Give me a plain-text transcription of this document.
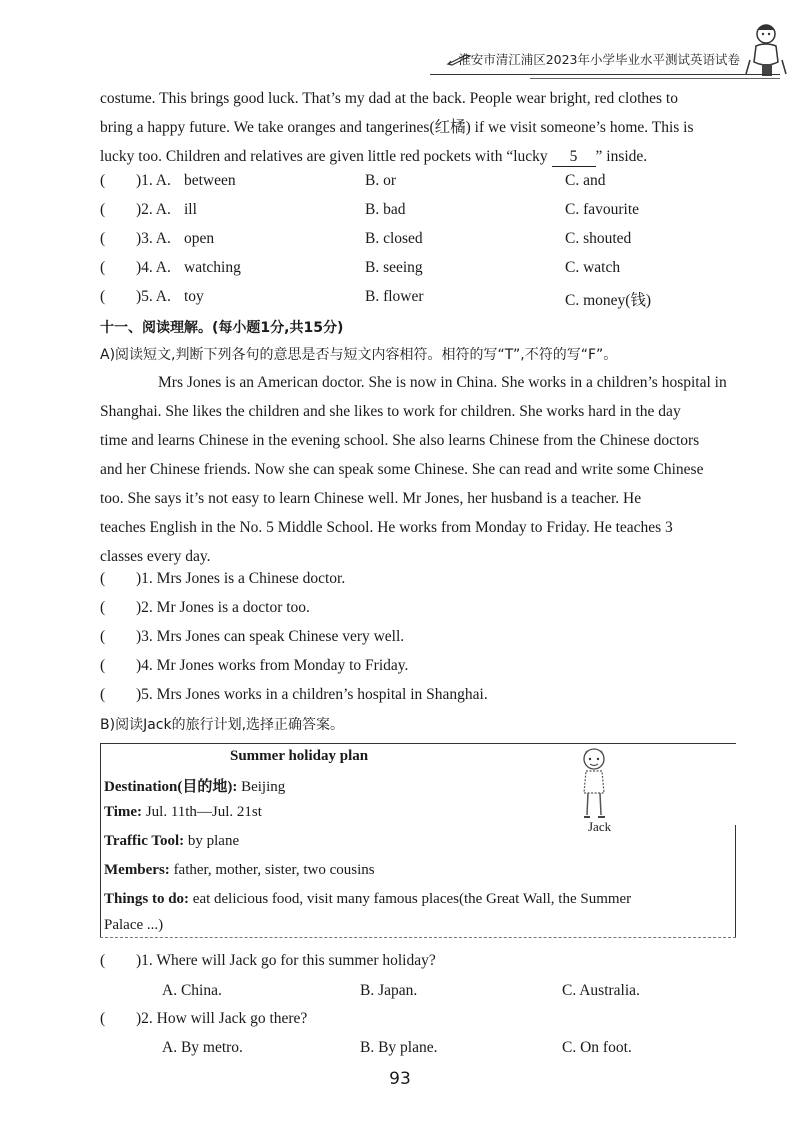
淮安市清江浦区2023年小学毕业水平测试英语试卷

costume. This brings good luck. That’s my dad at the back. People wear bright, red clothes to

bring a happy future. We take oranges and tangerines(红橘) if we visit someone’s home. This is

lucky too. Children and relatives are given little red pockets with “lucky 5 ” inside.

( )1. A. between	B. or	C. and
( )2. A. ill	B. bad	C. favourite
( )3. A. open	B. closed	C. shouted
( )4. A. watching	B. seeing	C. watch
( )5. A. toy	B. flower	C. money(钱)
十一、阅读理解。(每小题1分,共15分)
A)阅读短文,判断下列各句的意思是否与短文内容相符。相符的写“T”,不符的写“F”。

Mrs Jones is an American doctor. She is now in China. She works in a children’s hospital in

Shanghai. She likes the children and she likes to work for children. She works hard in the day

time and learns Chinese in the evening school. She also learns Chinese from the Chinese doctors

and her Chinese friends. Now she can speak some Chinese. She can read and write some Chinese

too. She says it’s not easy to learn Chinese well. Mr Jones, her husband is a teacher. He

teaches English in the No. 5 Middle School. He works from Monday to Friday. He teaches 3

classes every day.

( )1. Mrs Jones is a Chinese doctor.
( )2. Mr Jones is a doctor too.
( )3. Mrs Jones can speak Chinese very well.
( )4. Mr Jones works from Monday to Friday.
( )5. Mrs Jones works in a children’s hospital in Shanghai.
B)阅读Jack的旅行计划,选择正确答案。
Summer holiday plan
Destination(目的地): Beijing
Time: Jul. 11th—Jul. 21st
Traffic Tool: by plane
Members: father, mother, sister, two cousins
Things to do: eat delicious food, visit many famous places(the Great Wall, the Summer
Palace ...)
Jack
( )1. Where will Jack go for this summer holiday?
A. China.	B. Japan.	C. Australia.
( )2. How will Jack go there?
A. By metro.	B. By plane.	C. On foot.
93
